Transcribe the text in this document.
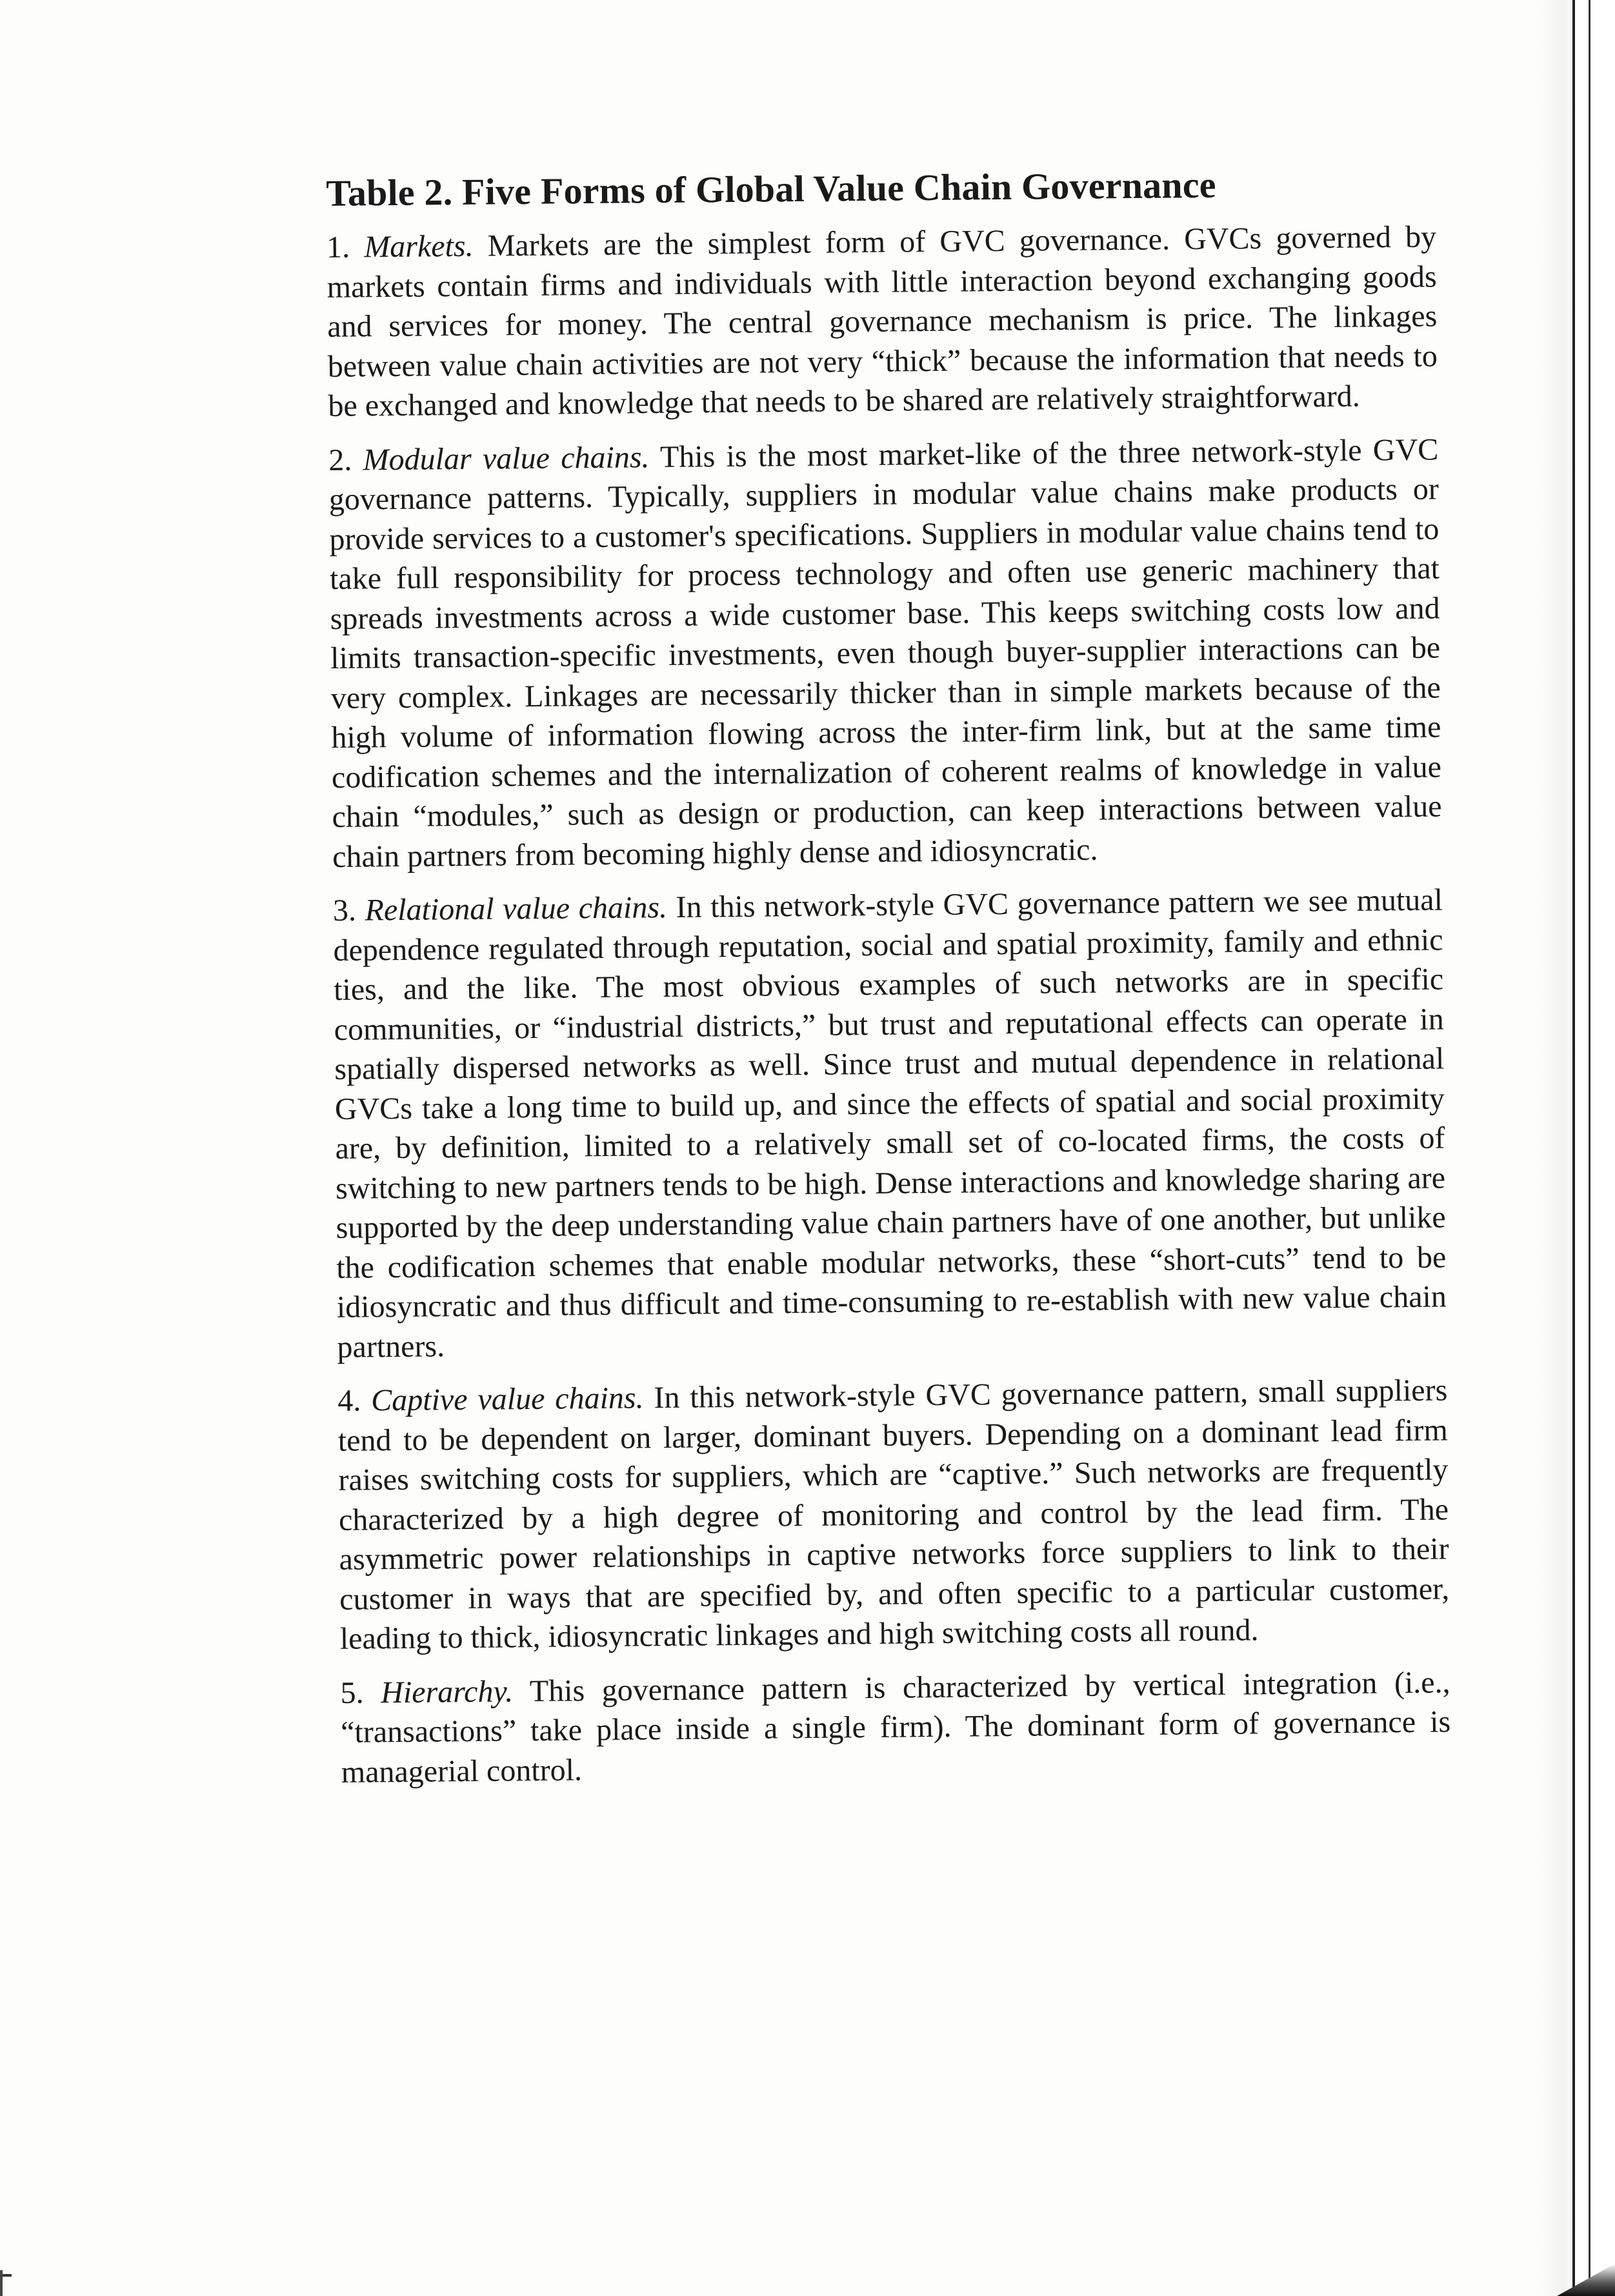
Table 2. Five Forms of Global Value Chain Governance

1. Markets. Markets are the simplest form of GVC governance. GVCs governed by markets contain firms and individuals with little interaction beyond exchanging goods and services for money. The central governance mechanism is price. The linkages between value chain activities are not very “thick” because the information that needs to be exchanged and knowledge that needs to be shared are relatively straightforward.

2. Modular value chains. This is the most market-like of the three network-style GVC governance patterns. Typically, suppliers in modular value chains make products or provide services to a customer's specifications. Suppliers in modular value chains tend to take full responsibility for process technology and often use generic machinery that spreads investments across a wide customer base. This keeps switching costs low and limits transaction-specific investments, even though buyer-supplier interactions can be very complex. Linkages are necessarily thicker than in simple markets because of the high volume of information flowing across the inter-firm link, but at the same time codification schemes and the internalization of coherent realms of knowledge in value chain “modules,” such as design or production, can keep interactions between value chain partners from becoming highly dense and idiosyncratic.

3. Relational value chains. In this network-style GVC governance pattern we see mutual dependence regulated through reputation, social and spatial proximity, family and ethnic ties, and the like. The most obvious examples of such networks are in specific communities, or “industrial districts,” but trust and reputational effects can operate in spatially dispersed networks as well. Since trust and mutual dependence in relational GVCs take a long time to build up, and since the effects of spatial and social proximity are, by definition, limited to a relatively small set of co-located firms, the costs of switching to new partners tends to be high. Dense interactions and knowledge sharing are supported by the deep understanding value chain partners have of one another, but unlike the codification schemes that enable modular networks, these “short-cuts” tend to be idiosyncratic and thus difficult and time-consuming to re-establish with new value chain partners.

4. Captive value chains. In this network-style GVC governance pattern, small suppliers tend to be dependent on larger, dominant buyers. Depending on a dominant lead firm raises switching costs for suppliers, which are “captive.” Such networks are frequently characterized by a high degree of monitoring and control by the lead firm. The asymmetric power relationships in captive networks force suppliers to link to their customer in ways that are specified by, and often specific to a particular customer, leading to thick, idiosyncratic linkages and high switching costs all round.

5. Hierarchy. This governance pattern is characterized by vertical integration (i.e., “transactions” take place inside a single firm). The dominant form of governance is managerial control.
